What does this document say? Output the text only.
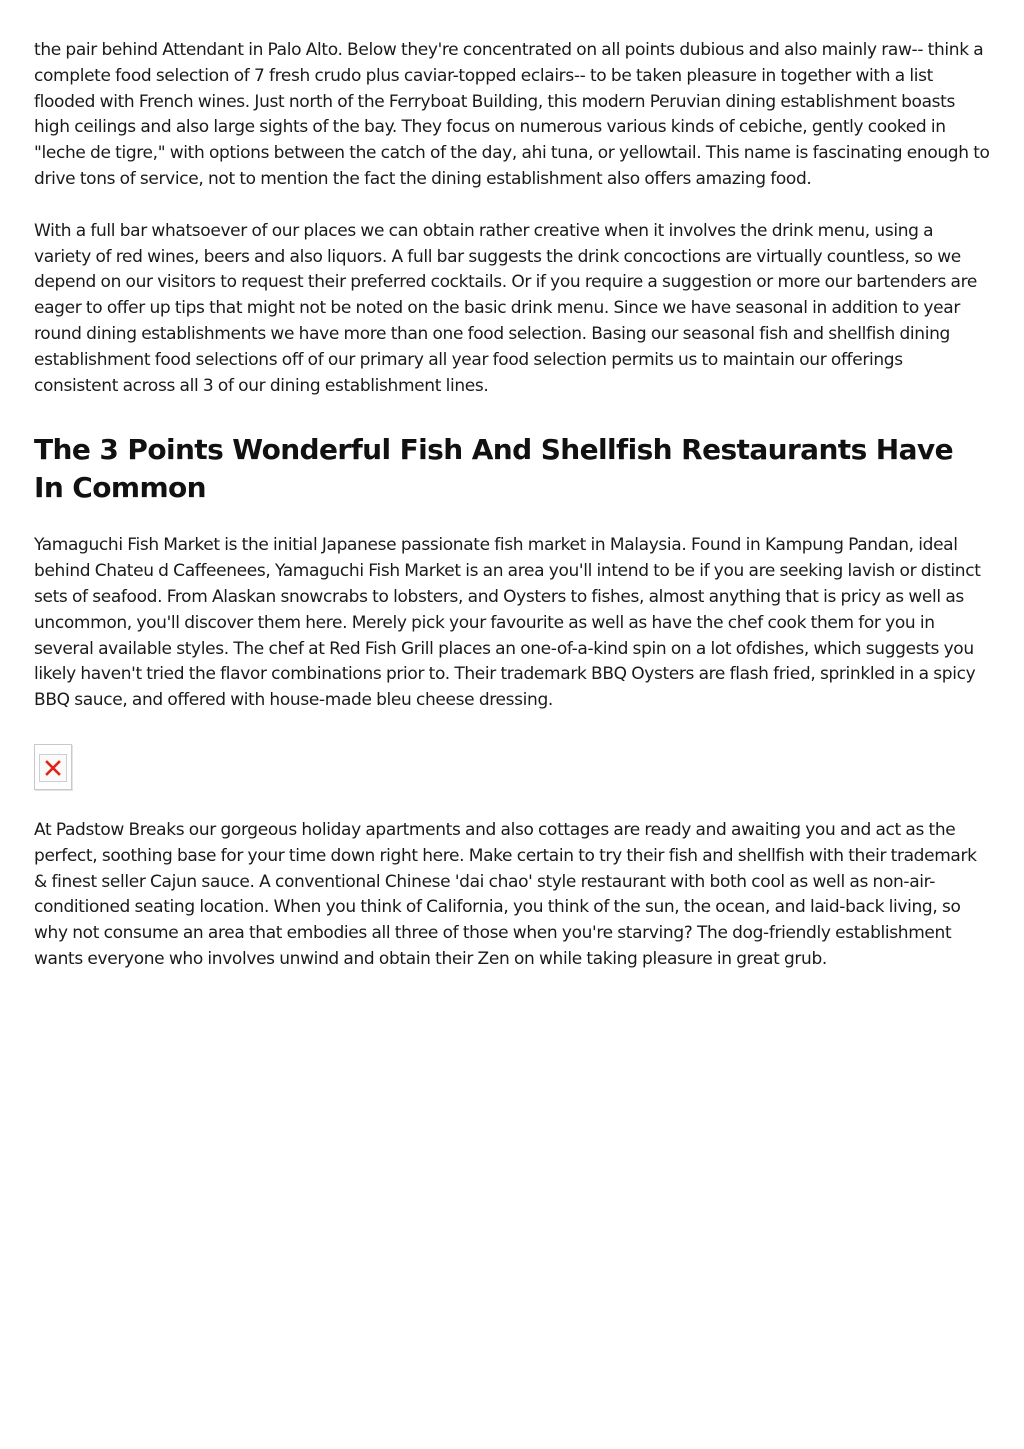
the pair behind Attendant in Palo Alto. Below they're concentrated on all points dubious and also mainly raw-- think a complete food selection of 7 fresh crudo plus caviar-topped eclairs-- to be taken pleasure in together with a list flooded with French wines. Just north of the Ferryboat Building, this modern Peruvian dining establishment boasts high ceilings and also large sights of the bay. They focus on numerous various kinds of cebiche, gently cooked in "leche de tigre," with options between the catch of the day, ahi tuna, or yellowtail. This name is fascinating enough to drive tons of service, not to mention the fact the dining establishment also offers amazing food.

With a full bar whatsoever of our places we can obtain rather creative when it involves the drink menu, using a variety of red wines, beers and also liquors. A full bar suggests the drink concoctions are virtually countless, so we depend on our visitors to request their preferred cocktails. Or if you require a suggestion or more our bartenders are eager to offer up tips that might not be noted on the basic drink menu. Since we have seasonal in addition to year round dining establishments we have more than one food selection. Basing our seasonal fish and shellfish dining establishment food selections off of our primary all year food selection permits us to maintain our offerings consistent across all 3 of our dining establishment lines.

The 3 Points Wonderful Fish And Shellfish Restaurants Have In Common

Yamaguchi Fish Market is the initial Japanese passionate fish market in Malaysia. Found in Kampung Pandan, ideal behind Chateu d Caffeenees, Yamaguchi Fish Market is an area you'll intend to be if you are seeking lavish or distinct sets of seafood. From Alaskan snowcrabs to lobsters, and Oysters to fishes, almost anything that is pricy as well as uncommon, you'll discover them here. Merely pick your favourite as well as have the chef cook them for you in several available styles. The chef at Red Fish Grill places an one-of-a-kind spin on a lot ofdishes, which suggests you likely haven't tried the flavor combinations prior to. Their trademark BBQ Oysters are flash fried, sprinkled in a spicy BBQ sauce, and offered with house-made bleu cheese dressing.

At Padstow Breaks our gorgeous holiday apartments and also cottages are ready and awaiting you and act as the perfect, soothing base for your time down right here. Make certain to try their fish and shellfish with their trademark & finest seller Cajun sauce. A conventional Chinese 'dai chao' style restaurant with both cool as well as non-air-conditioned seating location. When you think of California, you think of the sun, the ocean, and laid-back living, so why not consume an area that embodies all three of those when you're starving? The dog-friendly establishment wants everyone who involves unwind and obtain their Zen on while taking pleasure in great grub.
